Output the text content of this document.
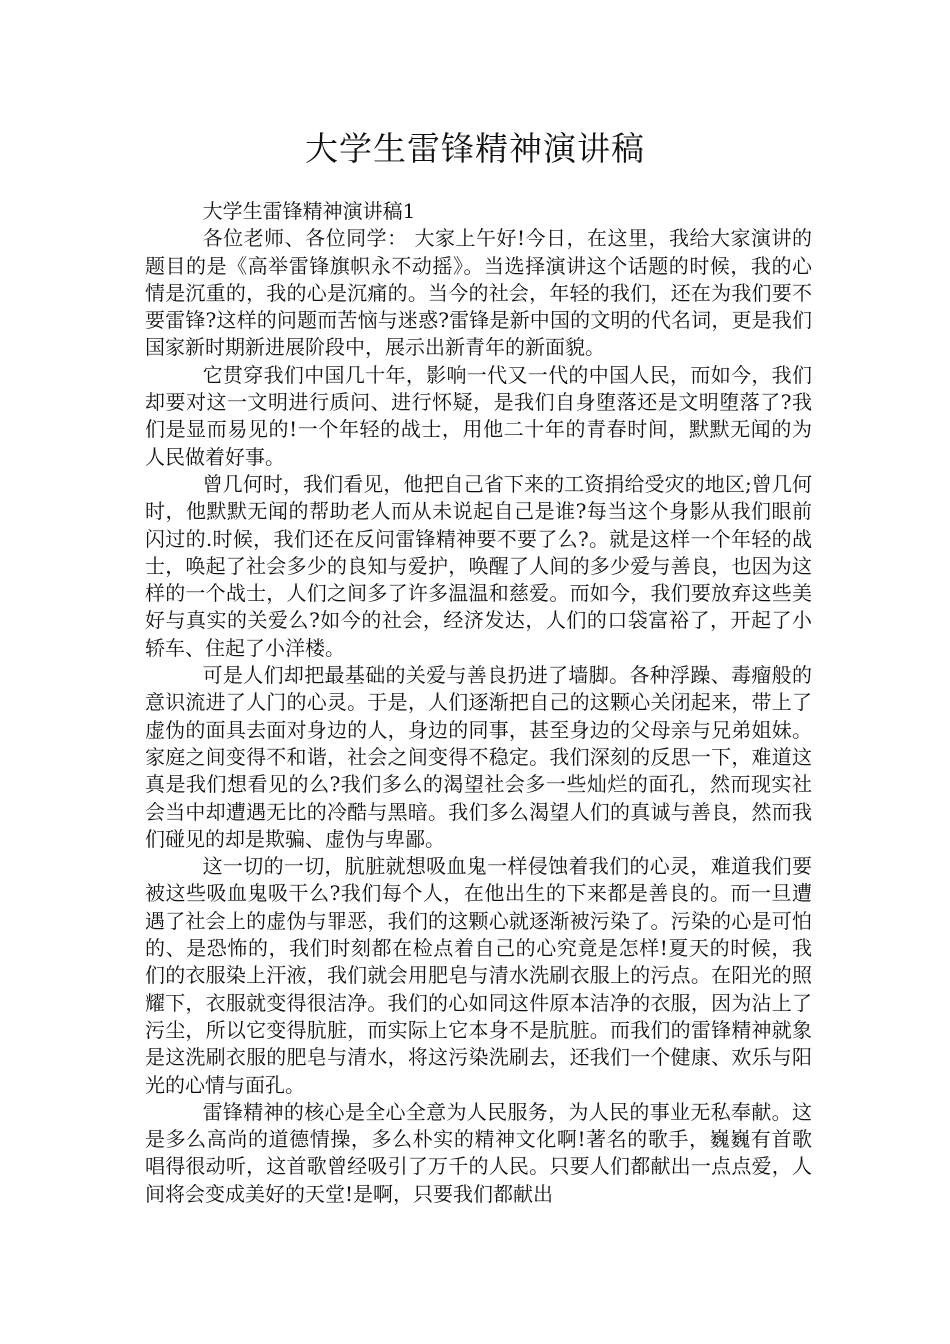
大学生雷锋精神演讲稿

大学生雷锋精神演讲稿1

各位老师、各位同学： 大家上午好!今日，在这里，我给大家演讲的题目的是《高举雷锋旗帜永不动摇》。当选择演讲这个话题的时候，我的心情是沉重的，我的心是沉痛的。当今的社会，年轻的我们，还在为我们要不要雷锋?这样的问题而苦恼与迷惑?雷锋是新中国的文明的代名词，更是我们国家新时期新进展阶段中，展示出新青年的新面貌。

它贯穿我们中国几十年，影响一代又一代的中国人民，而如今，我们却要对这一文明进行质问、进行怀疑，是我们自身堕落还是文明堕落了?我们是显而易见的!一个年轻的战士，用他二十年的青春时间，默默无闻的为人民做着好事。

曾几何时，我们看见，他把自己省下来的工资捐给受灾的地区;曾几何时，他默默无闻的帮助老人而从未说起自己是谁?每当这个身影从我们眼前闪过的.时候，我们还在反问雷锋精神要不要了么?。就是这样一个年轻的战士，唤起了社会多少的良知与爱护，唤醒了人间的多少爱与善良，也因为这样的一个战士，人们之间多了许多温温和慈爱。而如今，我们要放弃这些美好与真实的关爱么?如今的社会，经济发达，人们的口袋富裕了，开起了小轿车、住起了小洋楼。

可是人们却把最基础的关爱与善良扔进了墙脚。各种浮躁、毒瘤般的意识流进了人门的心灵。于是，人们逐渐把自己的这颗心关闭起来，带上了虚伪的面具去面对身边的人，身边的同事，甚至身边的父母亲与兄弟姐妹。家庭之间变得不和谐，社会之间变得不稳定。我们深刻的反思一下，难道这真是我们想看见的么?我们多么的渴望社会多一些灿烂的面孔，然而现实社会当中却遭遇无比的冷酷与黑暗。我们多么渴望人们的真诚与善良，然而我们碰见的却是欺骗、虚伪与卑鄙。

这一切的一切，肮脏就想吸血鬼一样侵蚀着我们的心灵，难道我们要被这些吸血鬼吸干么?我们每个人，在他出生的下来都是善良的。而一旦遭遇了社会上的虚伪与罪恶，我们的这颗心就逐渐被污染了。污染的心是可怕的、是恐怖的，我们时刻都在检点着自己的心究竟是怎样!夏天的时候，我们的衣服染上汗液，我们就会用肥皂与清水洗刷衣服上的污点。在阳光的照耀下，衣服就变得很洁净。我们的心如同这件原本洁净的衣服，因为沾上了污尘，所以它变得肮脏，而实际上它本身不是肮脏。而我们的雷锋精神就象是这洗刷衣服的肥皂与清水，将这污染洗刷去，还我们一个健康、欢乐与阳光的心情与面孔。

雷锋精神的核心是全心全意为人民服务，为人民的事业无私奉献。这是多么高尚的道德情操，多么朴实的精神文化啊!著名的歌手，巍巍有首歌唱得很动听，这首歌曾经吸引了万千的人民。只要人们都献出一点点爱，人间将会变成美好的天堂!是啊，只要我们都献出
